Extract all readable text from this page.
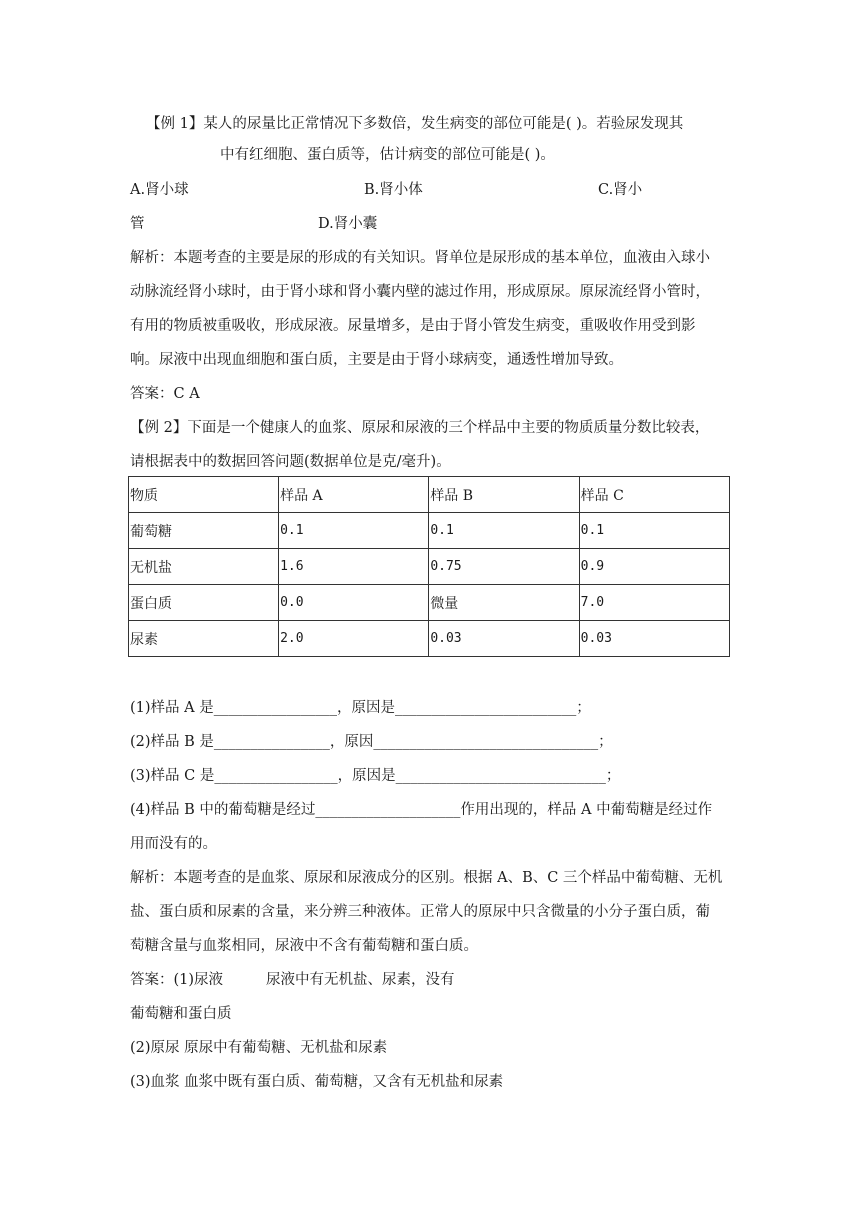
【例 1】某人的尿量比正常情况下多数倍，发生病变的部位可能是( )。若验尿发现其
中有红细胞、蛋白质等，估计病变的部位可能是( )。
A.肾小球	B.肾小体	C.肾小
管	D.肾小囊
解析：本题考查的主要是尿的形成的有关知识。肾单位是尿形成的基本单位，血液由入球小
动脉流经肾小球时，由于肾小球和肾小囊内壁的滤过作用，形成原尿。原尿流经肾小管时，
有用的物质被重吸收，形成尿液。尿量增多，是由于肾小管发生病变，重吸收作用受到影
响。尿液中出现血细胞和蛋白质，主要是由于肾小球病变，通透性增加导致。
答案：C A
【例 2】下面是一个健康人的血浆、原尿和尿液的三个样品中主要的物质质量分数比较表，
请根据表中的数据回答问题(数据单位是克/毫升)。
物质	样品 A	样品 B	样品 C
葡萄糖	0.1	0.1	0.1
无机盐	1.6	0.75	0.9
蛋白质	0.0	微量	7.0
尿素	2.0	0.03	0.03
(1)样品 A 是_________________，原因是_________________________；
(2)样品 B 是________________，原因_______________________________；
(3)样品 C 是_________________，原因是_____________________________；
(4)样品 B 中的葡萄糖是经过____________________作用出现的，样品 A 中葡萄糖是经过作
用而没有的。
解析：本题考查的是血浆、原尿和尿液成分的区别。根据 A、B、C 三个样品中葡萄糖、无机
盐、蛋白质和尿素的含量，来分辨三种液体。正常人的原尿中只含微量的小分子蛋白质，葡
萄糖含量与血浆相同，尿液中不含有葡萄糖和蛋白质。
答案：(1)尿液	尿液中有无机盐、尿素，没有
葡萄糖和蛋白质
(2)原尿 原尿中有葡萄糖、无机盐和尿素
(3)血浆 血浆中既有蛋白质、葡萄糖，又含有无机盐和尿素
